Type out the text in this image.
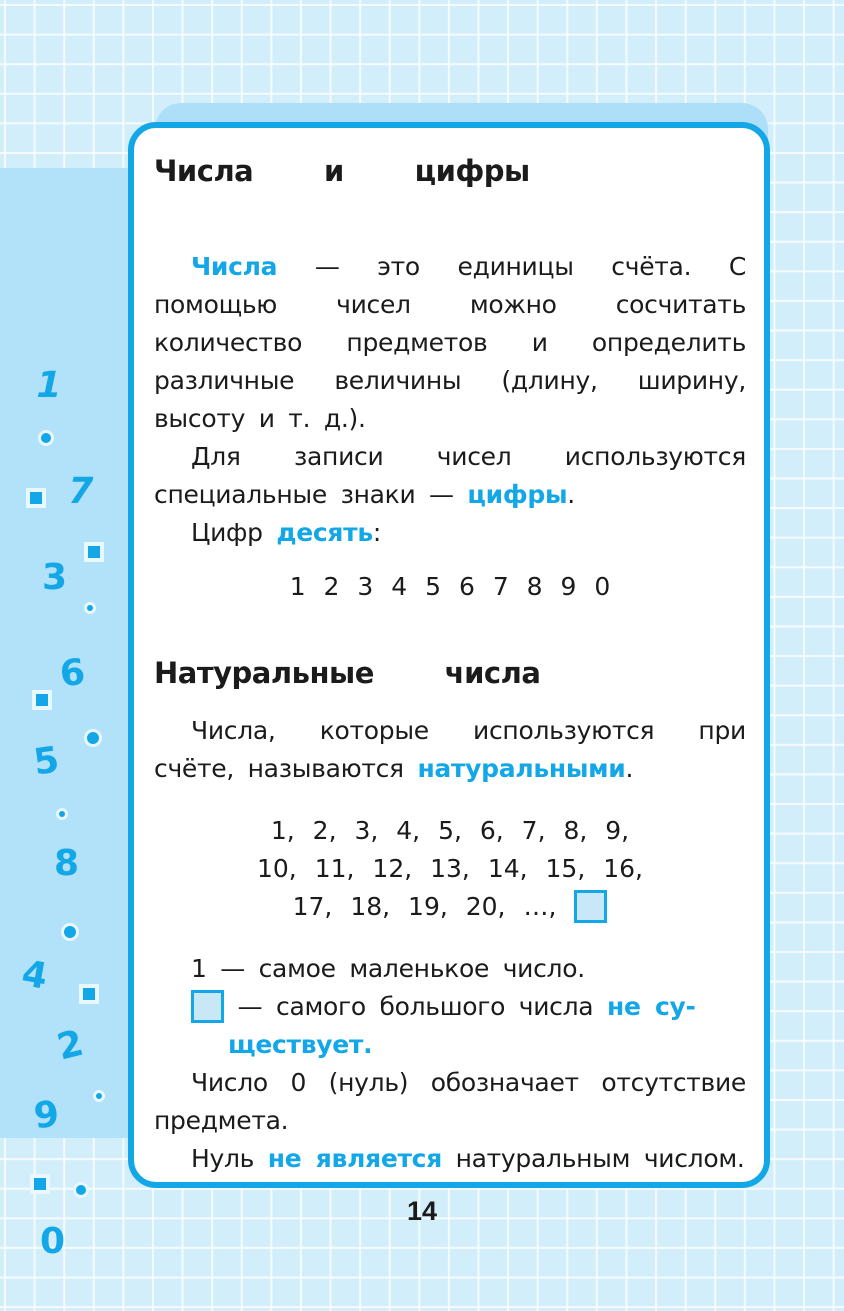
1
7
3
6
5
8
4
2
9
0
Числа   и   цифры

Числа — это единицы счёта. С помощью чисел можно сосчитать количество предметов и определить различные величины (длину, ширину, высоту и т. д.).

Для записи чисел используются специальные знаки — цифры.

Цифр десять:

1 2 3 4 5 6 7 8 9 0

Натуральные   числа

Числа, которые используются при счёте, называются натуральными.

1, 2, 3, 4, 5, 6, 7, 8, 9,
10, 11, 12, 13, 14, 15, 16,
17, 18, 19, 20, …,

1 — самое маленькое число.

— самого большого числа не су-

ществует.

Число 0 (нуль) обозначает отсутствие предмета.

Нуль не является натуральным числом.

14
